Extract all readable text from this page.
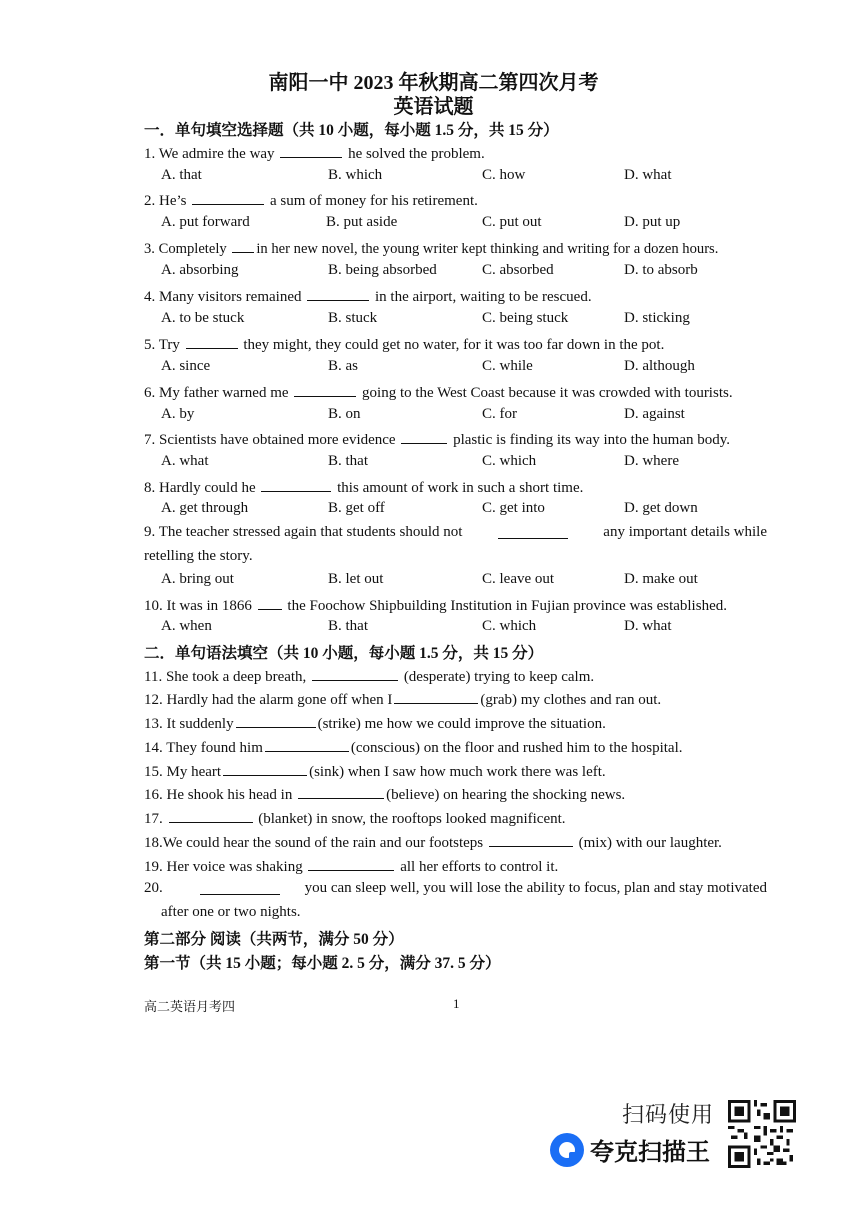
南阳一中 2023 年秋期高二第四次月考
英语试题
一．单句填空选择题（共 10 小题，每小题 1.5 分，共 15 分）
1. We admire the way	he solved the problem.
A. that	B. which	C. how	D. what
2. He’s	a sum of money for his retirement.
A. put forward	B. put aside	C. put out	D. put up
3. Completely in her new novel, the young writer kept thinking and writing for a dozen hours.
A. absorbing	B. being absorbed	C. absorbed	D. to absorb
4. Many visitors remained	in the airport, waiting to be rescued.
A. to be stuck	B. stuck	C. being stuck	D. sticking
5. Try	they might, they could get no water, for it was too far down in the pot.
A. since	B. as	C. while	D. although
6. My father warned me	going to the West Coast because it was crowded with tourists.
A. by	B. on	C. for	D. against
7. Scientists have obtained more evidence	plastic is finding its way into the human body.
A. what	B. that	C. which	D. where
8. Hardly could he	this amount of work in such a short time.
A. get through	B. get off	C. get into	D. get down
9. The teacher stressed again that students should not	any important details while
retelling the story.
A. bring out	B. let out	C. leave out	D. make out
10. It was in 1866 the Foochow Shipbuilding Institution in Fujian province was established.
A. when	B. that	C. which	D. what
二．单句语法填空（共 10 小题，每小题 1.5 分，共 15 分）
11. She took a deep breath,	(desperate) trying to keep calm.
12. Hardly had the alarm gone off when I	(grab) my clothes and ran out.
13. It suddenly	(strike) me how we could improve the situation.
14. They found him	(conscious) on the floor and rushed him to the hospital.
15. My heart	(sink) when I saw how much work there was left.
16. He shook his head in	(believe) on hearing the shocking news.
17.	(blanket) in snow, the rooftops looked magnificent.
18.We could hear the sound of the rain and our footsteps	(mix) with our laughter.
19. Her voice was shaking	all her efforts to control it.
20.	you can sleep well, you will lose the ability to focus, plan and stay motivated
after one or two nights.
第二部分 阅读（共两节，满分 50 分）
第一节（共 15 小题；每小题 2. 5 分，满分 37. 5 分）
高二英语月考四	1
扫码使用
夸克扫描王
